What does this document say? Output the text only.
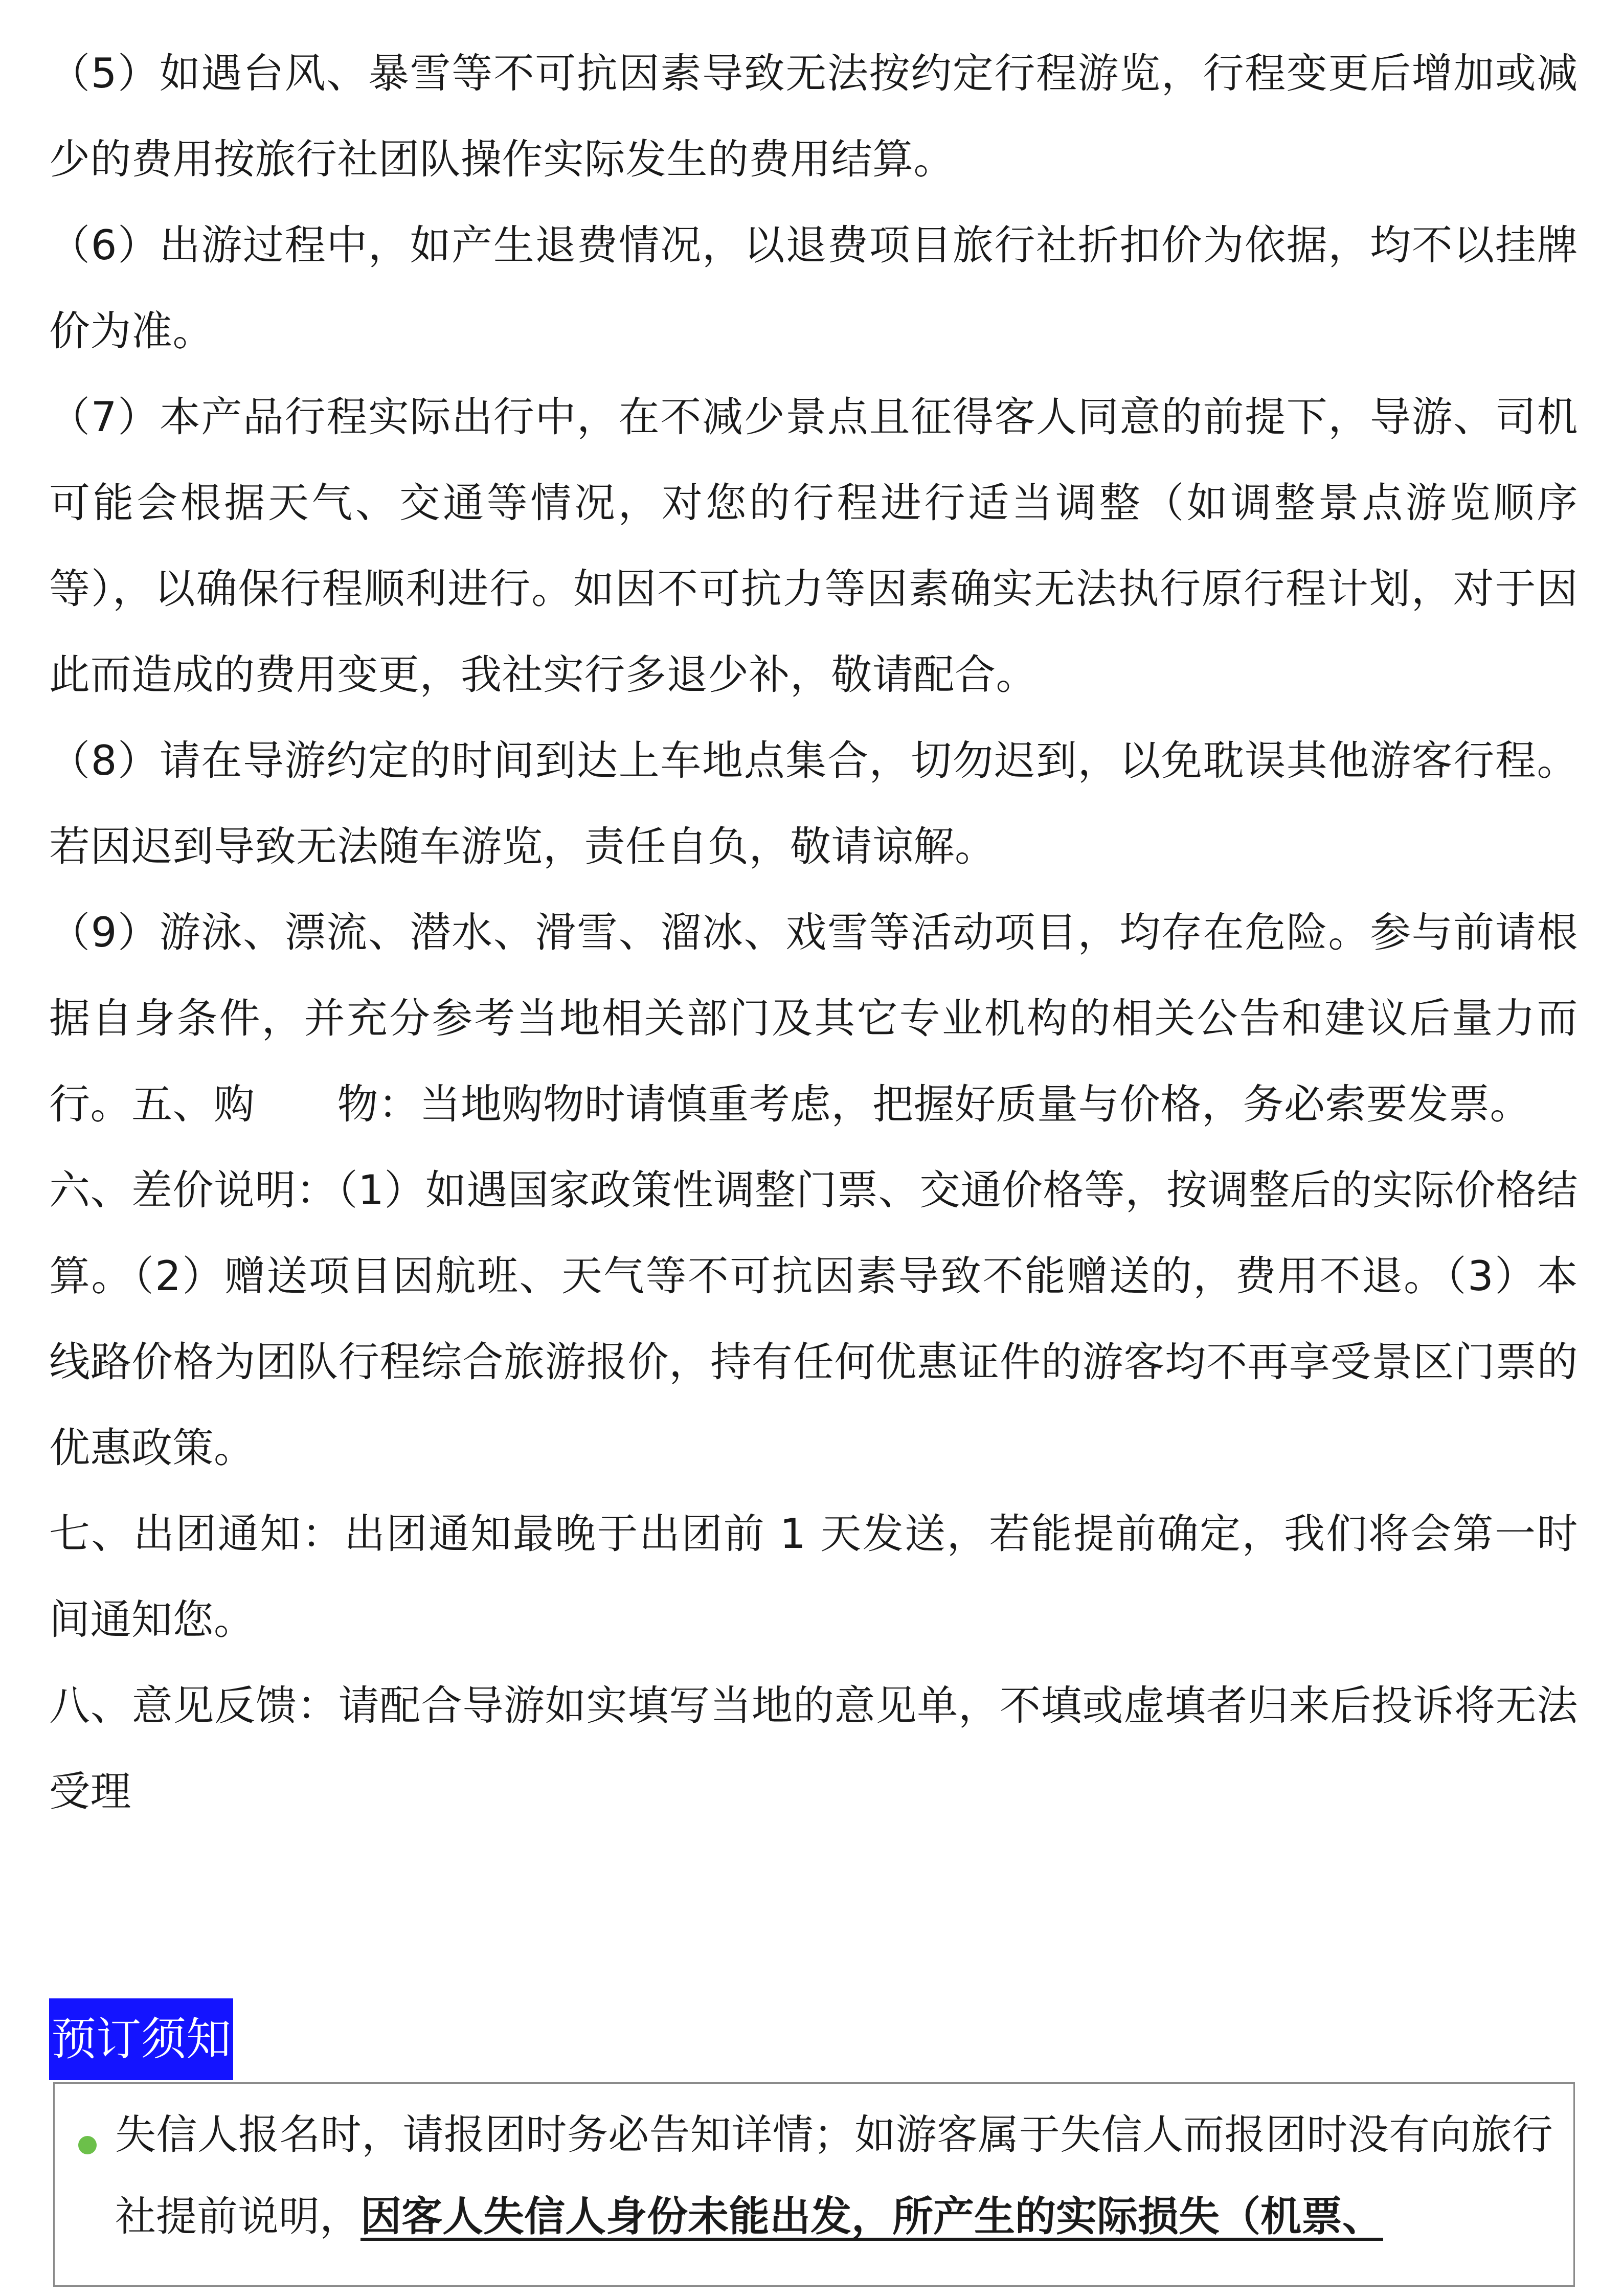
（5）如遇台风、暴雪等不可抗因素导致无法按约定行程游览，行程变更后增加或减少的费用按旅行社团队操作实际发生的费用结算。

（6）出游过程中，如产生退费情况，以退费项目旅行社折扣价为依据，均不以挂牌价为准。

（7）本产品行程实际出行中，在不减少景点且征得客人同意的前提下，导游、司机可能会根据天气、交通等情况，对您的行程进行适当调整（如调整景点游览顺序等），以确保行程顺利进行。如因不可抗力等因素确实无法执行原行程计划，对于因此而造成的费用变更，我社实行多退少补，敬请配合。

（8）请在导游约定的时间到达上车地点集合，切勿迟到，以免耽误其他游客行程。若因迟到导致无法随车游览，责任自负，敬请谅解。

（9）游泳、漂流、潜水、滑雪、溜冰、戏雪等活动项目，均存在危险。参与前请根据自身条件，并充分参考当地相关部门及其它专业机构的相关公告和建议后量力而行。五、购　　物：当地购物时请慎重考虑，把握好质量与价格，务必索要发票。

六、差价说明：（1）如遇国家政策性调整门票、交通价格等，按调整后的实际价格结算。（2）赠送项目因航班、天气等不可抗因素导致不能赠送的，费用不退。（3）本线路价格为团队行程综合旅游报价，持有任何优惠证件的游客均不再享受景区门票的优惠政策。

七、出团通知：出团通知最晚于出团前 1 天发送，若能提前确定，我们将会第一时间通知您。

八、意见反馈：请配合导游如实填写当地的意见单，不填或虚填者归来后投诉将无法受理

预订须知

失信人报名时，请报团时务必告知详情；如游客属于失信人而报团时没有向旅行社提前说明，因客人失信人身份未能出发，所产生的实际损失（机票、
